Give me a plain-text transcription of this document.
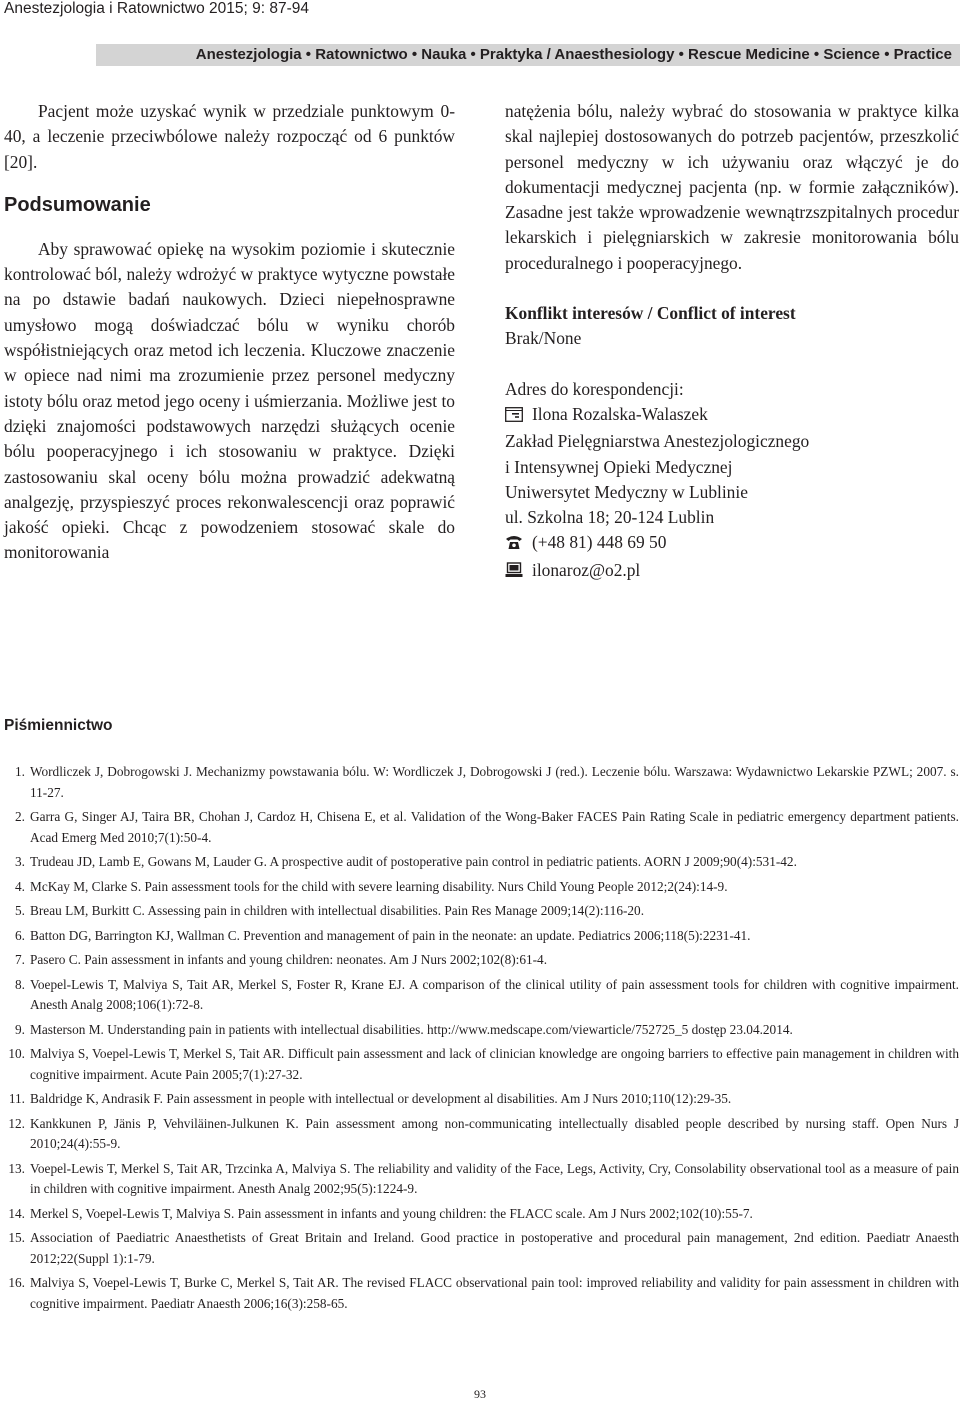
Anestezjologia i Ratownictwo 2015; 9: 87-94
Anestezjologia • Ratownictwo • Nauka • Praktyka / Anaesthesiology • Rescue Medicine • Science • Practice

Pacjent może uzyskać wynik w przedziale punktowym 0-40, a leczenie przeciwbólowe należy rozpocząć od 6 punktów [20].

Podsumowanie

Aby sprawować opiekę na wysokim poziomie i skutecznie kontrolować ból, należy wdrożyć w praktyce wytyczne powstałe na po dstawie badań naukowych. Dzieci niepełnosprawne umysłowo mogą doświadczać bólu w wyniku chorób współistniejących oraz metod ich leczenia. Kluczowe znaczenie w opiece nad nimi ma zrozumienie przez personel medyczny istoty bólu oraz metod jego oceny i uśmierzania. Możliwe jest to dzięki znajomości podstawowych narzędzi służących ocenie bólu pooperacyjnego i ich stosowaniu w praktyce. Dzięki zastosowaniu skal oceny bólu można prowadzić adekwatną analgezję, przyspieszyć proces rekonwalescencji oraz poprawić jakość opieki. Chcąc z powodzeniem stosować skale do monitorowania

natężenia bólu, należy wybrać do stosowania w praktyce kilka skal najlepiej dostosowanych do potrzeb pacjentów, przeszkolić personel medyczny w ich używaniu oraz włączyć je do dokumentacji medycznej pacjenta (np. w formie załączników). Zasadne jest także wprowadzenie wewnątrzszpitalnych procedur lekarskich i pielęgniarskich w zakresie monitorowania bólu proceduralnego i pooperacyjnego.

Konflikt interesów / Conflict of interest

Brak/None

Adres do korespondencji:

Ilona Rozalska-Walaszek

Zakład Pielęgniarstwa Anestezjologicznego

i Intensywnej Opieki Medycznej

Uniwersytet Medyczny w Lublinie

ul. Szkolna 18; 20-124 Lublin

(+48 81) 448 69 50

ilonaroz@o2.pl

Piśmiennictwo
1. Wordliczek J, Dobrogowski J. Mechanizmy powstawania bólu. W: Wordliczek J, Dobrogowski J (red.). Leczenie bólu. Warszawa: Wydawnictwo Lekarskie PZWL; 2007. s. 11-27.
2. Garra G, Singer AJ, Taira BR, Chohan J, Cardoz H, Chisena E, et al. Validation of the Wong-Baker FACES Pain Rating Scale in pediatric emergency department patients. Acad Emerg Med 2010;7(1):50-4.
3. Trudeau JD, Lamb E, Gowans M, Lauder G. A prospective audit of postoperative pain control in pediatric patients. AORN J 2009;90(4):531-42.
4. McKay M, Clarke S. Pain assessment tools for the child with severe learning disability. Nurs Child Young People 2012;2(24):14-9.
5. Breau LM, Burkitt C. Assessing pain in children with intellectual disabilities. Pain Res Manage 2009;14(2):116-20.
6. Batton DG, Barrington KJ, Wallman C. Prevention and management of pain in the neonate: an update. Pediatrics 2006;118(5):2231-41.
7. Pasero C. Pain assessment in infants and young children: neonates. Am J Nurs 2002;102(8):61-4.
8. Voepel-Lewis T, Malviya S, Tait AR, Merkel S, Foster R, Krane EJ. A comparison of the clinical utility of pain assessment tools for children with cognitive impairment. Anesth Analg 2008;106(1):72-8.
9. Masterson M. Understanding pain in patients with intellectual disabilities. http://www.medscape.com/viewarticle/752725_5 dostęp 23.04.2014.
10. Malviya S, Voepel-Lewis T, Merkel S, Tait AR. Difficult pain assessment and lack of clinician knowledge are ongoing barriers to effective pain management in children with cognitive impairment. Acute Pain 2005;7(1):27-32.
11. Baldridge K, Andrasik F. Pain assessment in people with intellectual or development al disabilities. Am J Nurs 2010;110(12):29-35.
12. Kankkunen P, Jänis P, Vehviläinen-Julkunen K. Pain assessment among non-communicating intellectually disabled people described by nursing staff. Open Nurs J 2010;24(4):55-9.
13. Voepel-Lewis T, Merkel S, Tait AR, Trzcinka A, Malviya S. The reliability and validity of the Face, Legs, Activity, Cry, Consolability observational tool as a measure of pain in children with cognitive impairment. Anesth Analg 2002;95(5):1224-9.
14. Merkel S, Voepel-Lewis T, Malviya S. Pain assessment in infants and young children: the FLACC scale. Am J Nurs 2002;102(10):55-7.
15. Association of Paediatric Anaesthetists of Great Britain and Ireland. Good practice in postoperative and procedural pain management, 2nd edition. Paediatr Anaesth 2012;22(Suppl 1):1-79.
16. Malviya S, Voepel-Lewis T, Burke C, Merkel S, Tait AR. The revised FLACC observational pain tool: improved reliability and validity for pain assessment in children with cognitive impairment. Paediatr Anaesth 2006;16(3):258-65.
93
